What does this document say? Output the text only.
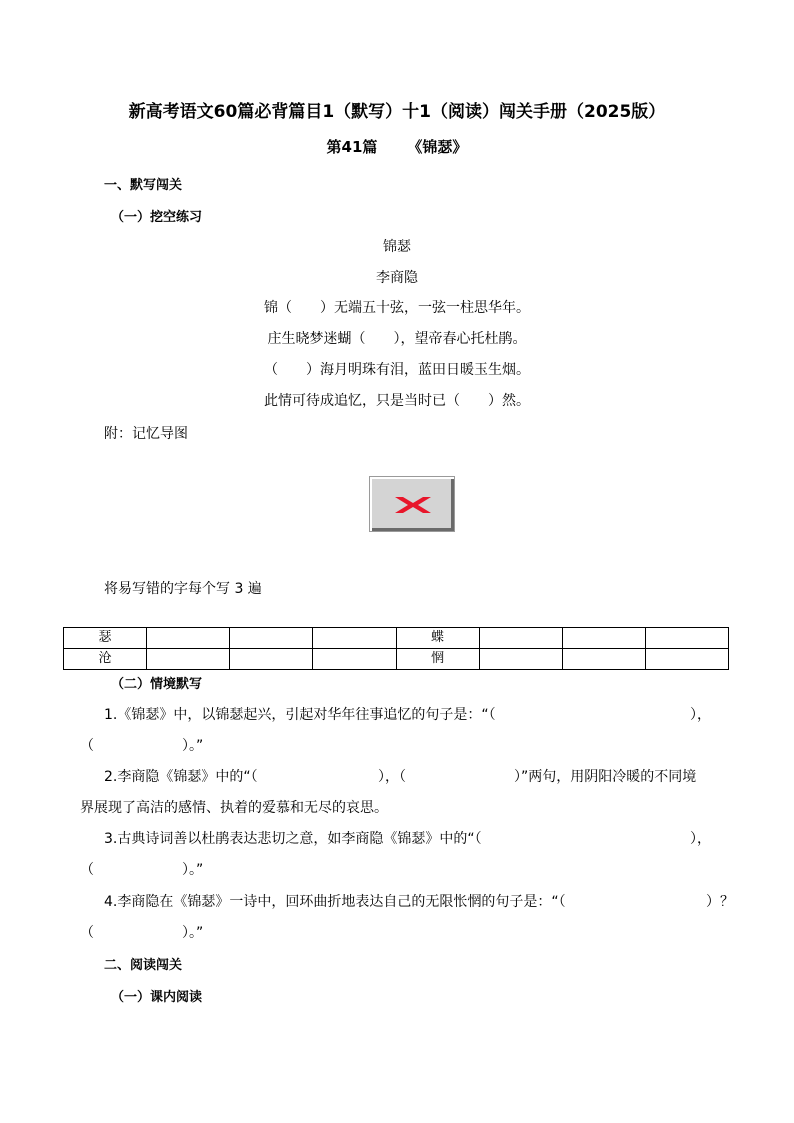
新高考语文60篇必背篇目1（默写）十1（阅读）闯关手册（2025版）
第41篇 《锦瑟》
一、默写闯关
（一）挖空练习
锦瑟
李商隐
锦（　　）无端五十弦，一弦一柱思华年。
庄生晓梦迷蝴（　　），望帝春心托杜鹃。
（　　）海月明珠有泪，蓝田日暖玉生烟。
此情可待成追忆，只是当时已（　　）然。
附：记忆导图
将易写错的字每个写 3 遍
瑟				蝶			
沧				惘			
（二）情境默写
1.《锦瑟》中，以锦瑟起兴，引起对华年往事追忆的句子是：“（	），
（	）。”
2.李商隐《锦瑟》中的“（	），（	）”两句，用阴阳冷暖的不同境
界展现了高洁的感情、执着的爱慕和无尽的哀思。
3.古典诗词善以杜鹃表达悲切之意，如李商隐《锦瑟》中的“（	），
（	）。”
4.李商隐在《锦瑟》一诗中，回环曲折地表达自己的无限怅惘的句子是：“（	）？
（	）。”
二、阅读闯关
（一）课内阅读
